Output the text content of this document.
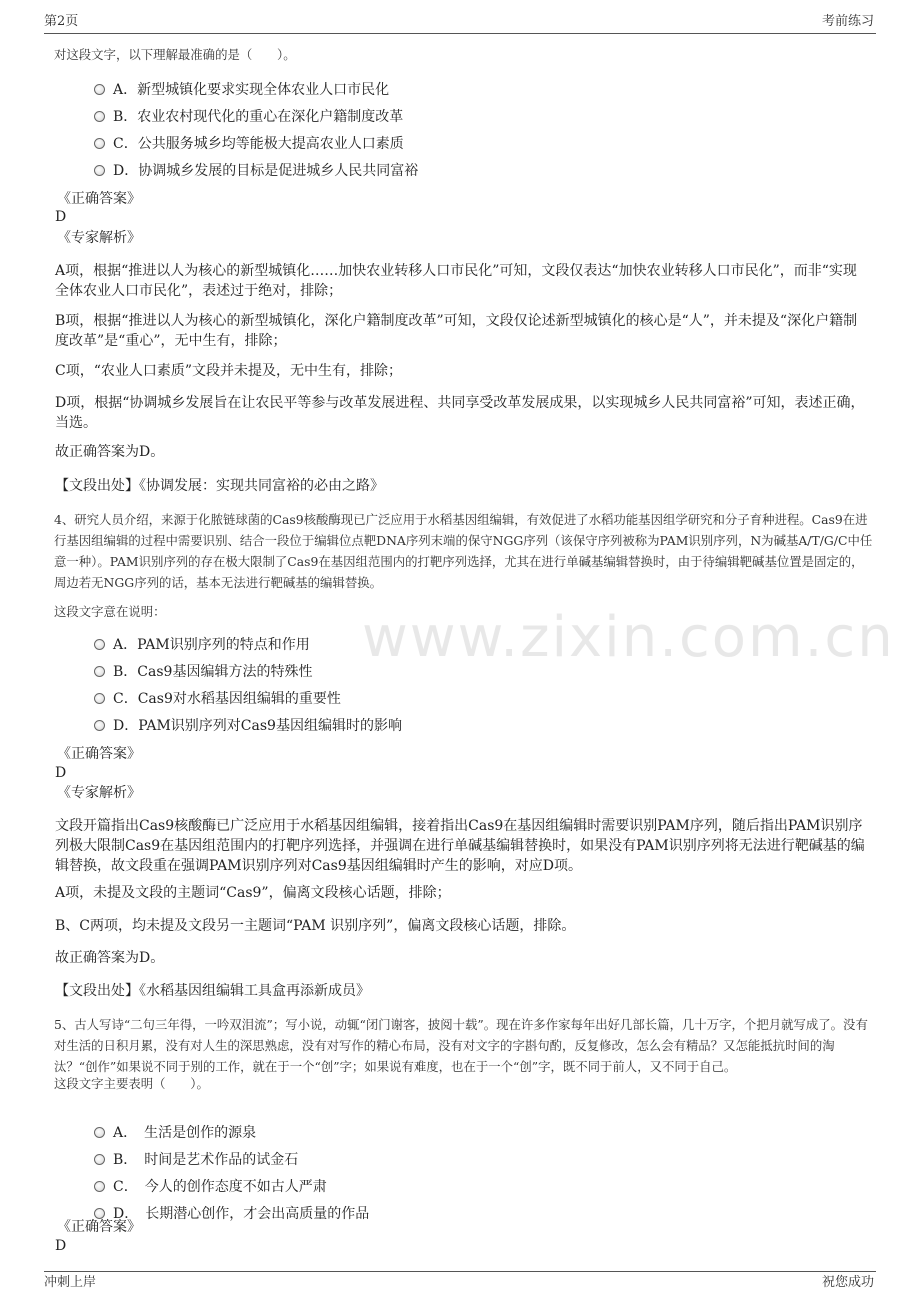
第2页	考前练习
www.zixin.com.cn
对这段文字，以下理解最准确的是（　　）。
A．新型城镇化要求实现全体农业人口市民化
B．农业农村现代化的重心在深化户籍制度改革
C．公共服务城乡均等能极大提高农业人口素质
D．协调城乡发展的目标是促进城乡人民共同富裕
《正确答案》
D
《专家解析》
A项，根据“推进以人为核心的新型城镇化……加快农业转移人口市民化”可知，文段仅表达“加快农业转移人口市民化”，而非“实现全体农业人口市民化”，表述过于绝对，排除；
B项，根据“推进以人为核心的新型城镇化，深化户籍制度改革”可知，文段仅论述新型城镇化的核心是“人”，并未提及“深化户籍制度改革”是“重心”，无中生有，排除；
C项，“农业人口素质”文段并未提及，无中生有，排除；
D项，根据“协调城乡发展旨在让农民平等参与改革发展进程、共同享受改革发展成果，以实现城乡人民共同富裕”可知，表述正确，当选。
故正确答案为D。
【文段出处】《协调发展：实现共同富裕的必由之路》
4、研究人员介绍，来源于化脓链球菌的Cas9核酸酶现已广泛应用于水稻基因组编辑，有效促进了水稻功能基因组学研究和分子育种进程。Cas9在进行基因组编辑的过程中需要识别、结合一段位于编辑位点靶DNA序列末端的保守NGG序列（该保守序列被称为PAM识别序列，N为碱基A/T/G/C中任意一种）。PAM识别序列的存在极大限制了Cas9在基因组范围内的打靶序列选择，尤其在进行单碱基编辑替换时，由于待编辑靶碱基位置是固定的，周边若无NGG序列的话，基本无法进行靶碱基的编辑替换。
这段文字意在说明：
A．PAM识别序列的特点和作用
B．Cas9基因编辑方法的特殊性
C．Cas9对水稻基因组编辑的重要性
D．PAM识别序列对Cas9基因组编辑时的影响
《正确答案》
D
《专家解析》
文段开篇指出Cas9核酸酶已广泛应用于水稻基因组编辑，接着指出Cas9在基因组编辑时需要识别PAM序列，随后指出PAM识别序列极大限制Cas9在基因组范围内的打靶序列选择，并强调在进行单碱基编辑替换时，如果没有PAM识别序列将无法进行靶碱基的编辑替换，故文段重在强调PAM识别序列对Cas9基因组编辑时产生的影响，对应D项。
A项，未提及文段的主题词“Cas9”，偏离文段核心话题，排除；
B、C两项，均未提及文段另一主题词“PAM 识别序列”，偏离文段核心话题，排除。
故正确答案为D。
【文段出处】《水稻基因组编辑工具盒再添新成员》
5、古人写诗“二句三年得，一吟双泪流”；写小说，动辄“闭门谢客，披阅十载”。现在许多作家每年出好几部长篇，几十万字，个把月就写成了。没有对生活的日积月累，没有对人生的深思熟虑，没有对写作的精心布局，没有对文字的字斟句酌，反复修改，怎么会有精品？又怎能抵抗时间的淘汰？“创作”如果说不同于别的工作，就在于一个“创”字；如果说有难度，也在于一个“创”字，既不同于前人，又不同于自己。
这段文字主要表明（　　）。
A．　生活是创作的源泉
B．　时间是艺术作品的试金石
C．　今人的创作态度不如古人严肃
D．　长期潜心创作，才会出高质量的作品
《正确答案》
D
冲刺上岸	祝您成功
